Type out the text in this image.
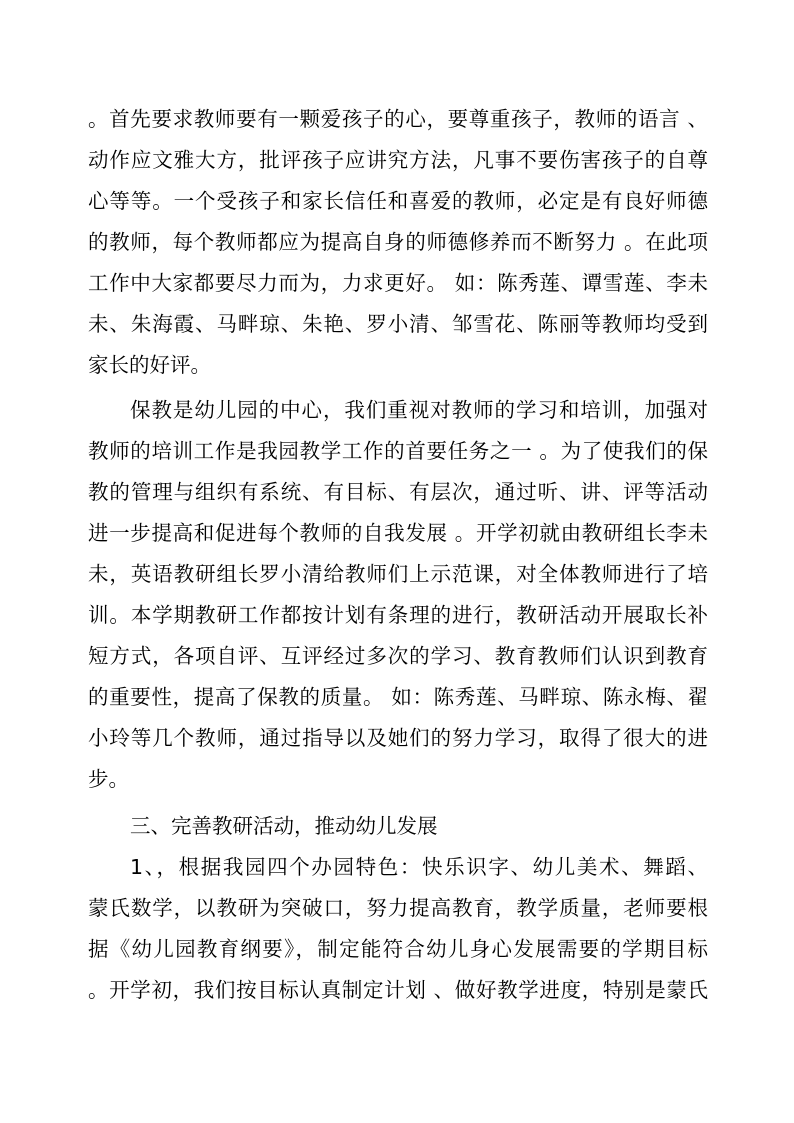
。首先要求教师要有一颗爱孩子的心，要尊重孩子，教师的语言 、
动作应文雅大方，批评孩子应讲究方法，凡事不要伤害孩子的自尊
心等等。一个受孩子和家长信任和喜爱的教师，必定是有良好师德
的教师，每个教师都应为提高自身的师德修养而不断努力 。在此项
工作中大家都要尽力而为，力求更好。 如：陈秀莲、谭雪莲、李未
未、朱海霞、马畔琼、朱艳、罗小清、邹雪花、陈丽等教师均受到
家长的好评。
保教是幼儿园的中心，我们重视对教师的学习和培训，加强对
教师的培训工作是我园教学工作的首要任务之一 。为了使我们的保
教的管理与组织有系统、有目标、有层次，通过听、讲、评等活动
进一步提高和促进每个教师的自我发展 。开学初就由教研组长李未
未，英语教研组长罗小清给教师们上示范课，对全体教师进行了培
训。本学期教研工作都按计划有条理的进行，教研活动开展取长补
短方式，各项自评、互评经过多次的学习、教育教师们认识到教育
的重要性，提高了保教的质量。 如：陈秀莲、马畔琼、陈永梅、翟
小玲等几个教师，通过指导以及她们的努力学习，取得了很大的进
步。
三、完善教研活动，推动幼儿发展
1、，根据我园四个办园特色：快乐识字、幼儿美术、舞蹈、
蒙氏数学，以教研为突破口，努力提高教育，教学质量，老师要根
据《幼儿园教育纲要》，制定能符合幼儿身心发展需要的学期目标
。开学初，我们按目标认真制定计划 、做好教学进度，特别是蒙氏
